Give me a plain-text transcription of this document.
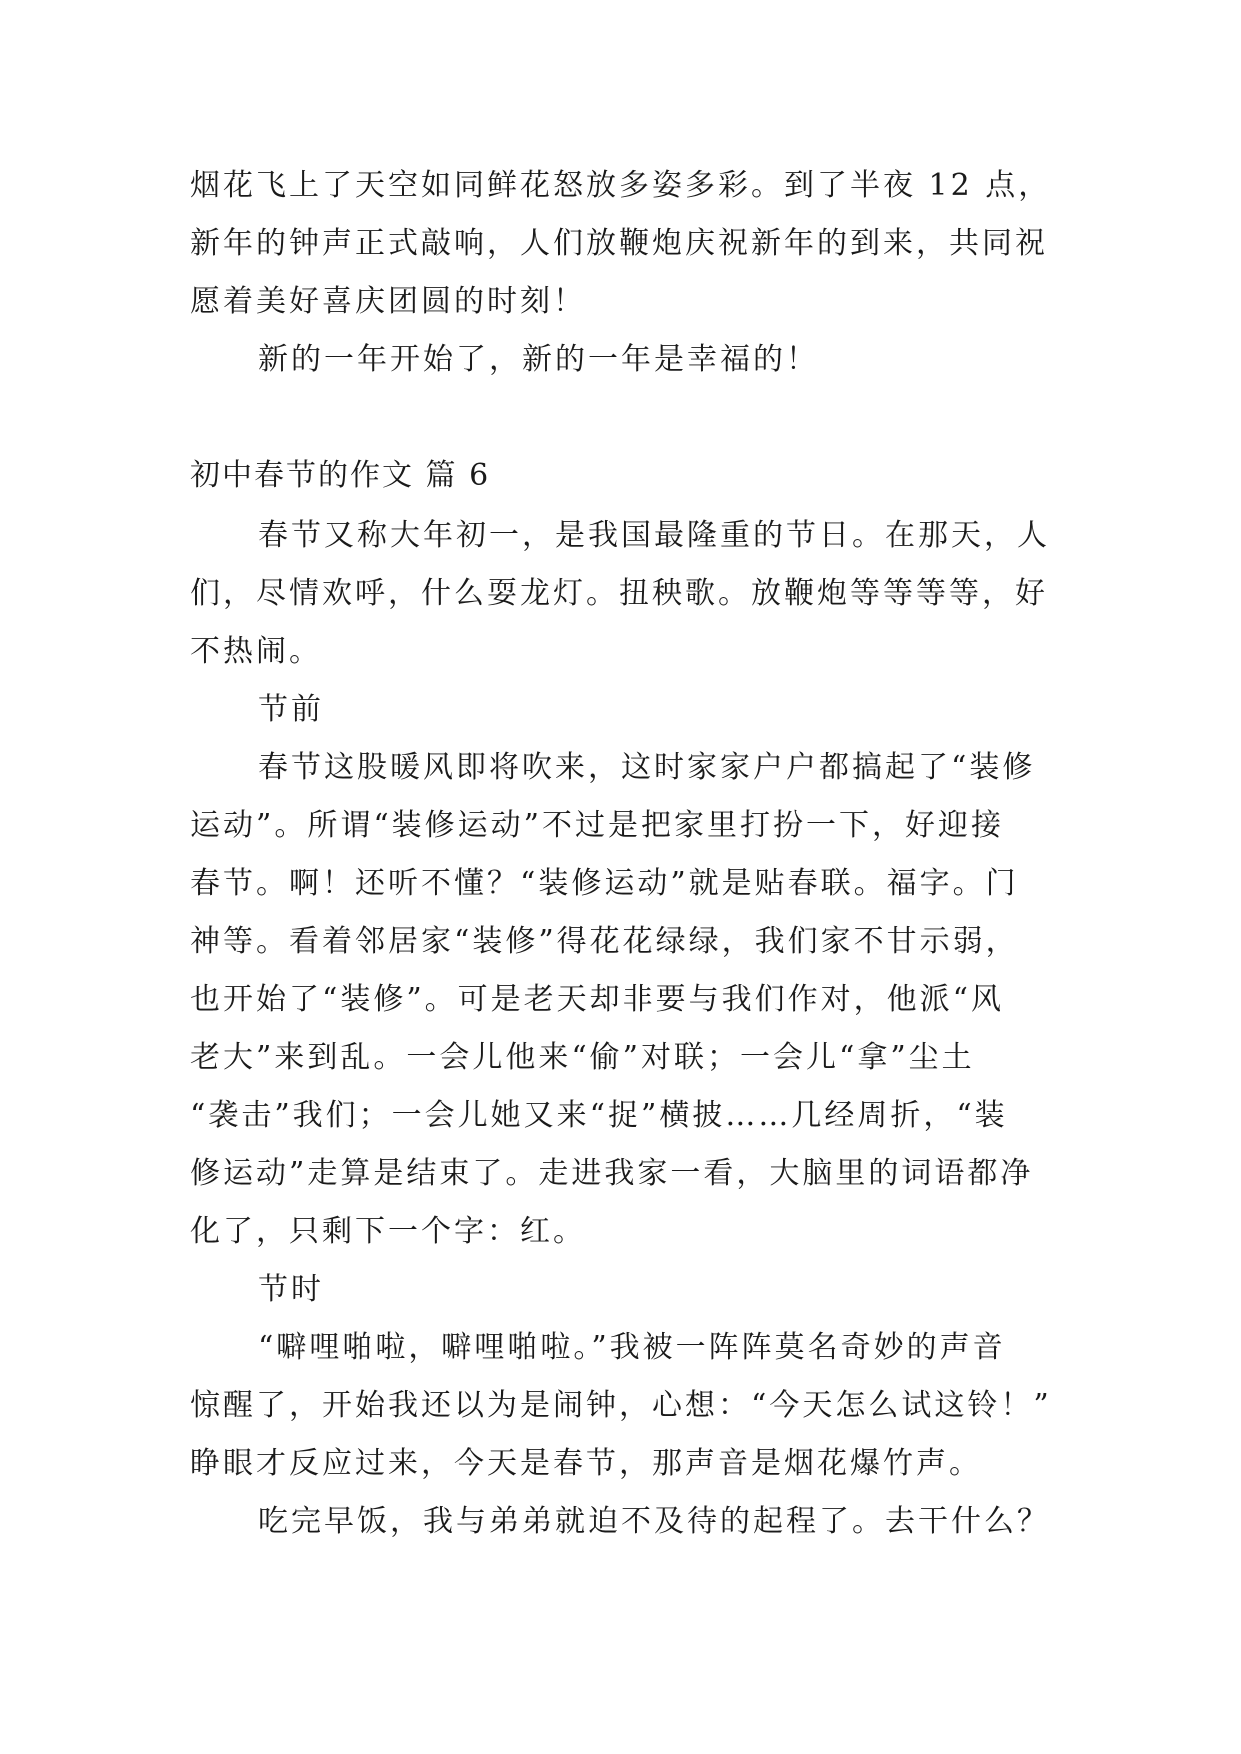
烟花飞上了天空如同鲜花怒放多姿多彩。到了半夜 12 点，
新年的钟声正式敲响，人们放鞭炮庆祝新年的到来，共同祝
愿着美好喜庆团圆的时刻！
新的一年开始了，新的一年是幸福的！
初中春节的作文 篇 6
春节又称大年初一，是我国最隆重的节日。在那天，人
们，尽情欢呼，什么耍龙灯。扭秧歌。放鞭炮等等等等，好
不热闹。
节前
春节这股暖风即将吹来，这时家家户户都搞起了“装修
运动”。所谓“装修运动”不过是把家里打扮一下，好迎接
春节。啊！还听不懂？“装修运动”就是贴春联。福字。门
神等。看着邻居家“装修”得花花绿绿，我们家不甘示弱，
也开始了“装修”。可是老天却非要与我们作对，他派“风
老大”来到乱。一会儿他来“偷”对联；一会儿“拿”尘土
“袭击”我们；一会儿她又来“捉”横披……几经周折，“装
修运动”走算是结束了。走进我家一看，大脑里的词语都净
化了，只剩下一个字：红。
节时
“噼哩啪啦，噼哩啪啦。”我被一阵阵莫名奇妙的声音
惊醒了，开始我还以为是闹钟，心想：“今天怎么试这铃！”
睁眼才反应过来，今天是春节，那声音是烟花爆竹声。
吃完早饭，我与弟弟就迫不及待的起程了。去干什么？
